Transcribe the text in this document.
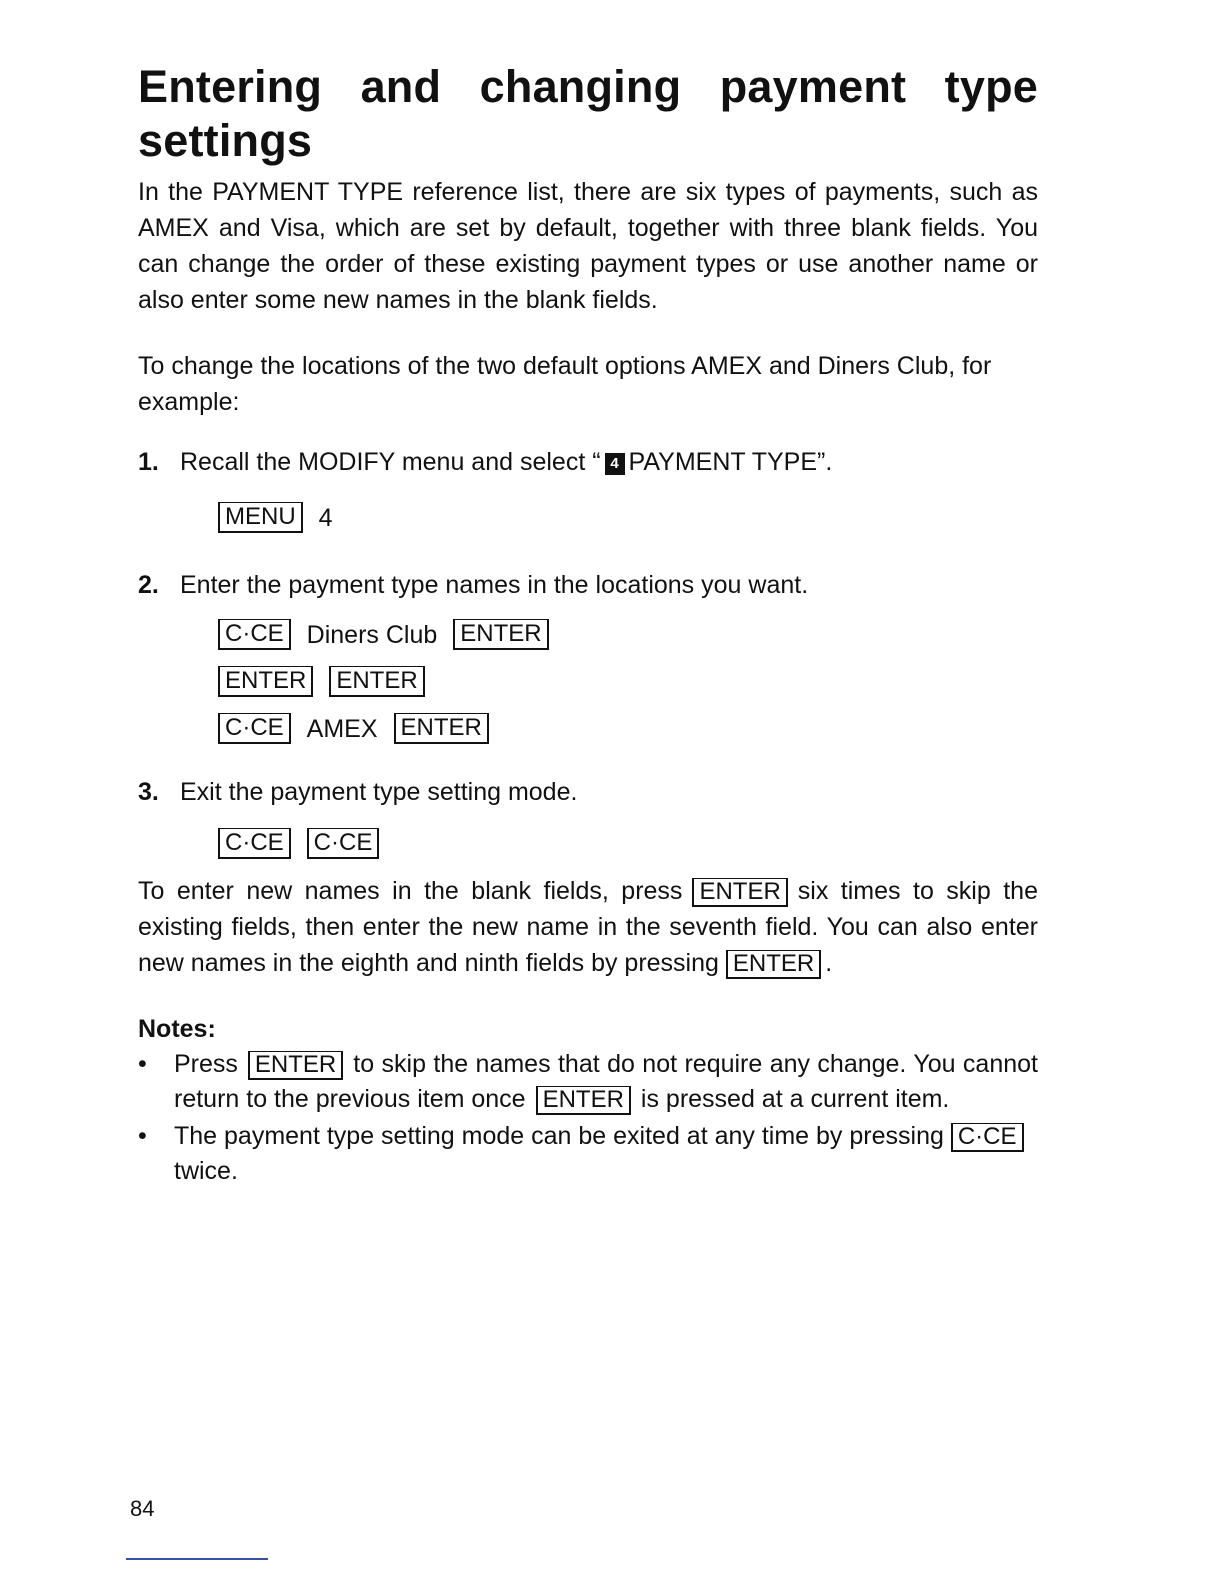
Entering and changing payment type
settings

In the PAYMENT TYPE reference list, there are six types of payments, such as AMEX and Visa, which are set by default, together with three blank fields. You can change the order of these existing payment types or use another name or also enter some new names in the blank fields.

To change the locations of the two default options AMEX and Diners Club, for example:

1. Recall the MODIFY menu and select “ 4 PAYMENT TYPE”.
MENU 4
2. Enter the payment type names in the locations you want.
C·CE Diners Club ENTER
ENTER ENTER
C·CE AMEX ENTER
3. Exit the payment type setting mode.
C·CE C·CE

To enter new names in the blank fields, press ENTER six times to skip the existing fields, then enter the new name in the seventh field. You can also enter new names in the eighth and ninth fields by pressing ENTER .

Notes:
• Press ENTER to skip the names that do not require any change. You cannot return to the previous item once ENTER is pressed at a current item.
• The payment type setting mode can be exited at any time by pressing C·CEtwice.
84
